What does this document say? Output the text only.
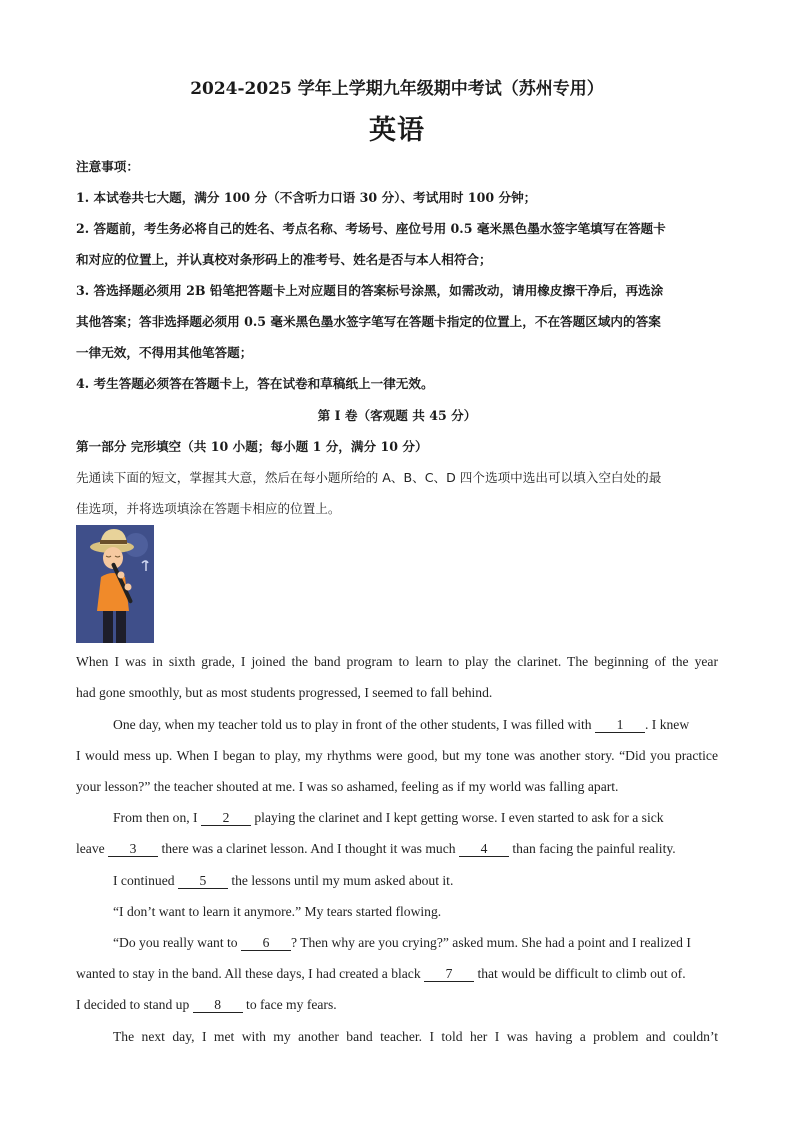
2024-2025 学年上学期九年级期中考试（苏州专用）
英语
注意事项：
1. 本试卷共七大题，满分 100 分（不含听力口语 30 分）、考试用时 100 分钟；
2. 答题前，考生务必将自己的姓名、考点名称、考场号、座位号用 0.5 毫米黑色墨水签字笔填写在答题卡
和对应的位置上，并认真校对条形码上的准考号、姓名是否与本人相符合；
3. 答选择题必须用 2B 铅笔把答题卡上对应题目的答案标号涂黑，如需改动，请用橡皮擦干净后，再选涂
其他答案；答非选择题必须用 0.5 毫米黑色墨水签字笔写在答题卡指定的位置上，不在答题区域内的答案
一律无效，不得用其他笔答题；
4. 考生答题必须答在答题卡上，答在试卷和草稿纸上一律无效。
第 I 卷（客观题 共 45 分）
第一部分 完形填空（共 10 小题；每小题 1 分，满分 10 分）
先通读下面的短文，掌握其大意，然后在每小题所给的 A、B、C、D 四个选项中选出可以填入空白处的最
佳选项，并将选项填涂在答题卡相应的位置上。
When I was in sixth grade, I joined the band program to learn to play the clarinet. The beginning of the year
had gone smoothly, but as most students progressed, I seemed to fall behind.
One day, when my teacher told us to play in front of the other students, I was filled with 1 . I knew
I would mess up. When I began to play, my rhythms were good, but my tone was another story. “Did you practice
your lesson?” the teacher shouted at me. I was so ashamed, feeling as if my world was falling apart.
From then on, I 2 playing the clarinet and I kept getting worse. I even started to ask for a sick
leave 3 there was a clarinet lesson. And I thought it was much 4 than facing the painful reality.
I continued 5 the lessons until my mum asked about it.
“I don’t want to learn it anymore.” My tears started flowing.
“Do you really want to 6 ? Then why are you crying?” asked mum. She had a point and I realized I
wanted to stay in the band. All these days, I had created a black 7 that would be difficult to climb out of.
I decided to stand up 8 to face my fears.
The next day, I met with my another band teacher. I told her I was having a problem and couldn’t
